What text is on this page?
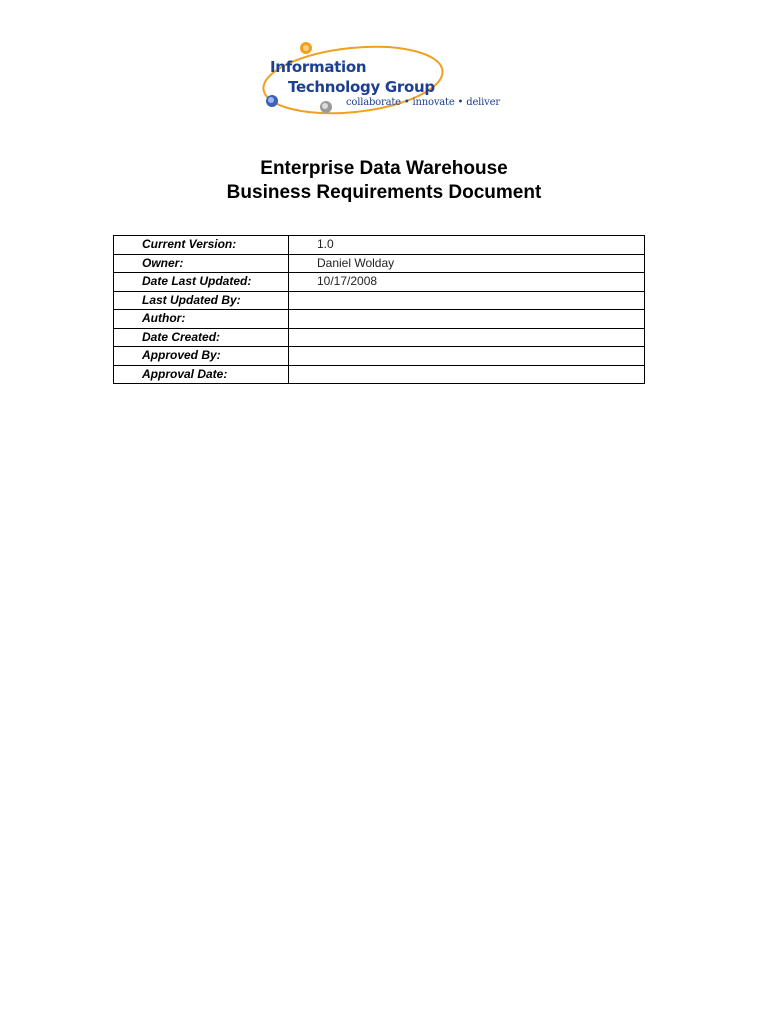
Information
Technology Group
collaborate • innovate • deliver
Enterprise Data Warehouse
Business Requirements Document
Current Version:	1.0
Owner:	Daniel Wolday
Date Last Updated:	10/17/2008
Last Updated By:	
Author:	
Date Created:	
Approved By:	
Approval Date:	
